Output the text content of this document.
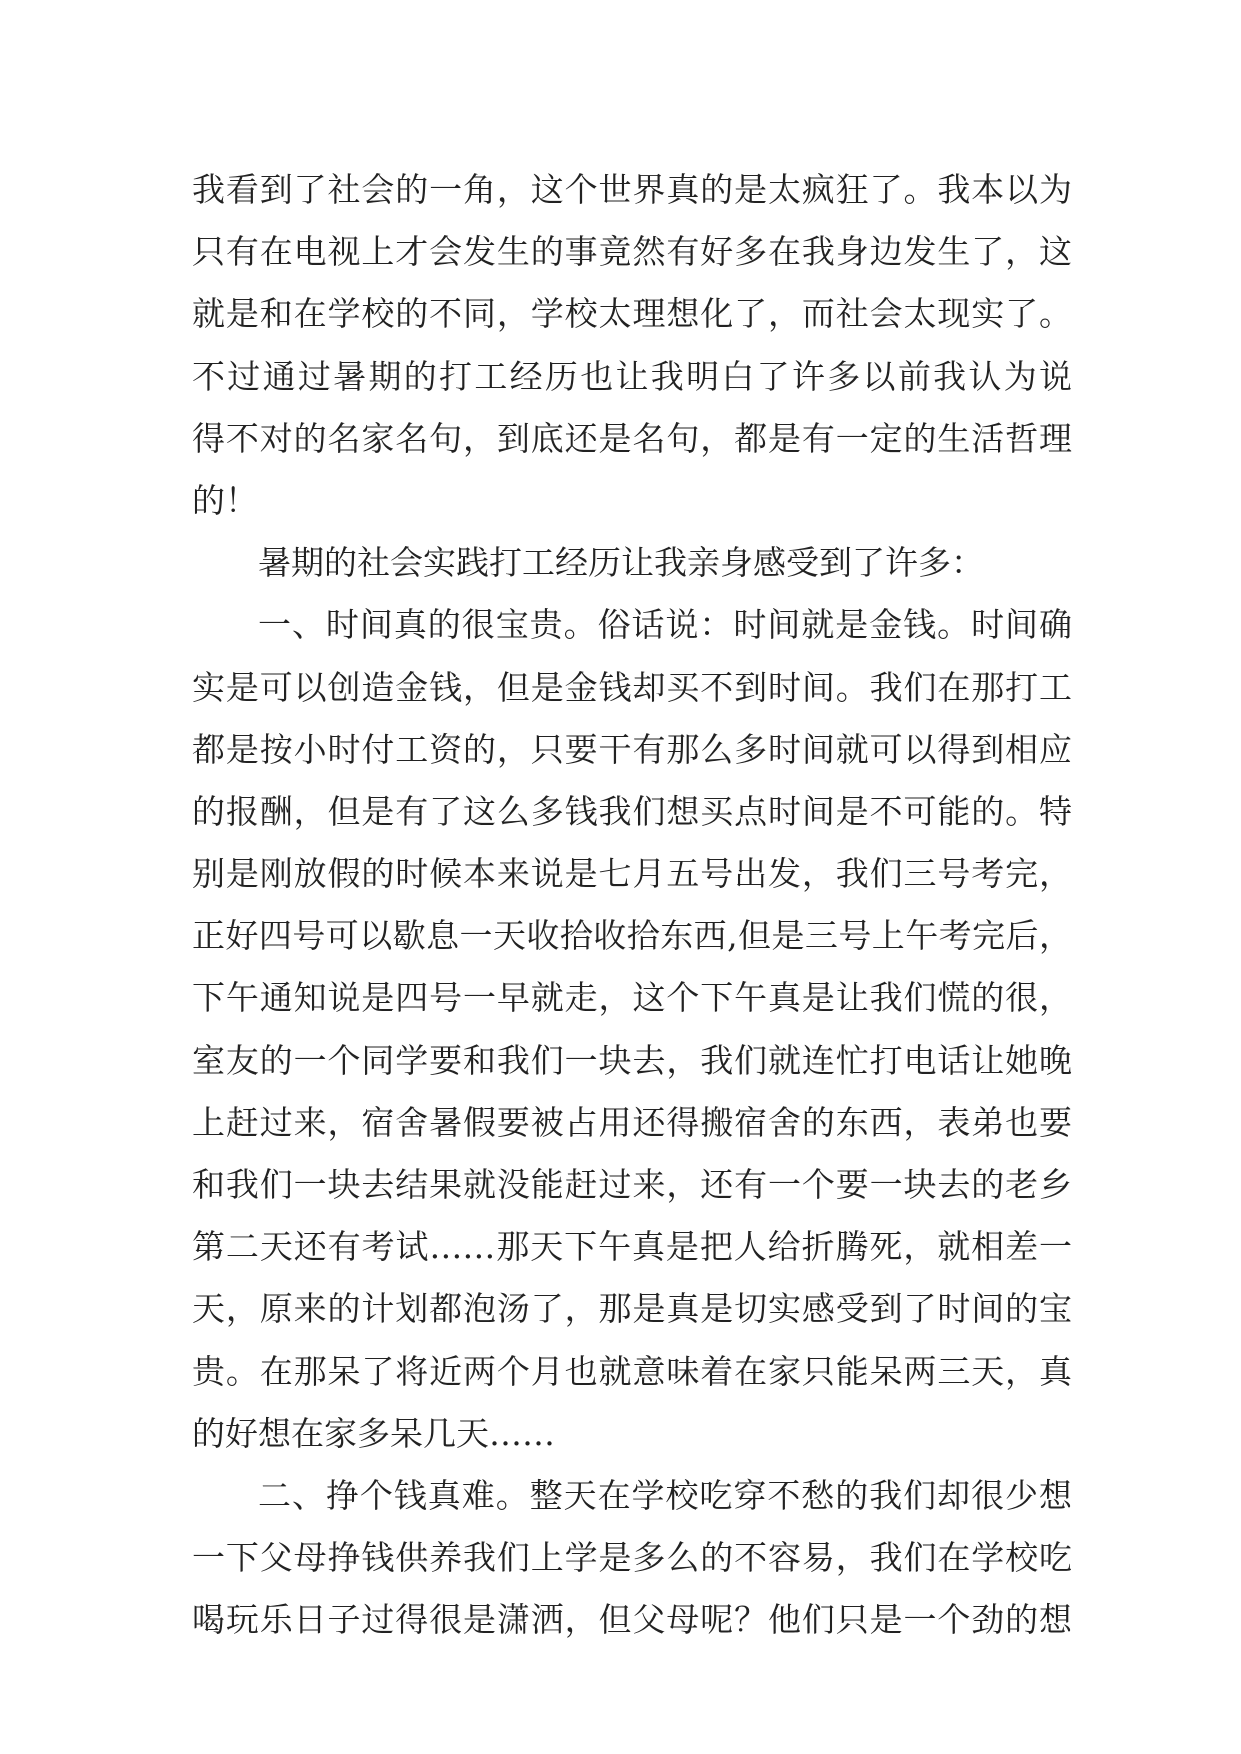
我看到了社会的一角，这个世界真的是太疯狂了。我本以为
只有在电视上才会发生的事竟然有好多在我身边发生了，这
就是和在学校的不同，学校太理想化了，而社会太现实了。
不过通过暑期的打工经历也让我明白了许多以前我认为说
得不对的名家名句，到底还是名句，都是有一定的生活哲理
的！
暑期的社会实践打工经历让我亲身感受到了许多：
一、时间真的很宝贵。俗话说：时间就是金钱。时间确
实是可以创造金钱，但是金钱却买不到时间。我们在那打工
都是按小时付工资的，只要干有那么多时间就可以得到相应
的报酬，但是有了这么多钱我们想买点时间是不可能的。特
别是刚放假的时候本来说是七月五号出发，我们三号考完，
正好四号可以歇息一天收拾收拾东西,但是三号上午考完后，
下午通知说是四号一早就走，这个下午真是让我们慌的很，
室友的一个同学要和我们一块去，我们就连忙打电话让她晚
上赶过来，宿舍暑假要被占用还得搬宿舍的东西，表弟也要
和我们一块去结果就没能赶过来，还有一个要一块去的老乡
第二天还有考试……那天下午真是把人给折腾死，就相差一
天，原来的计划都泡汤了，那是真是切实感受到了时间的宝
贵。在那呆了将近两个月也就意味着在家只能呆两三天，真
的好想在家多呆几天……
二、挣个钱真难。整天在学校吃穿不愁的我们却很少想
一下父母挣钱供养我们上学是多么的不容易，我们在学校吃
喝玩乐日子过得很是潇洒，但父母呢？他们只是一个劲的想
